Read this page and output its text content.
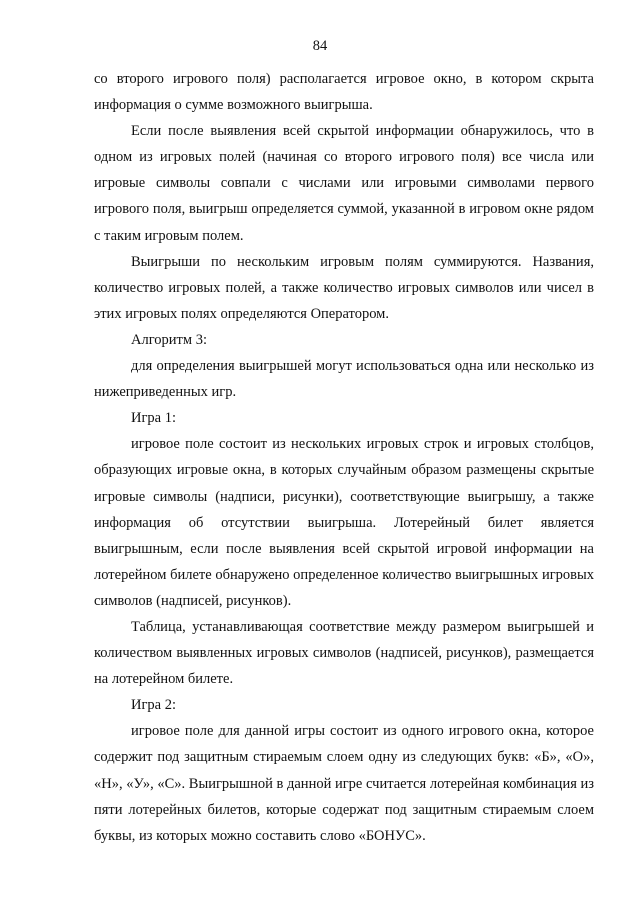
84

со второго игрового поля) располагается игровое окно, в котором скрыта информация о сумме возможного выигрыша.

Если после выявления всей скрытой информации обнаружилось, что в одном из игровых полей (начиная со второго игрового поля) все числа или игровые символы совпали с числами или игровыми символами первого игрового поля, выигрыш определяется суммой, указанной в игровом окне рядом с таким игровым полем.

Выигрыши по нескольким игровым полям суммируются. Названия, количество игровых полей, а также количество игровых символов или чисел в этих игровых полях определяются Оператором.

Алгоритм 3:

для определения выигрышей могут использоваться одна или несколько из нижеприведенных игр.

Игра 1:

игровое поле состоит из нескольких игровых строк и игровых столбцов, образующих игровые окна, в которых случайным образом размещены скрытые игровые символы (надписи, рисунки), соответствующие выигрышу, а также информация об отсутствии выигрыша. Лотерейный билет является выигрышным, если после выявления всей скрытой игровой информации на лотерейном билете обнаружено определенное количество выигрышных игровых символов (надписей, рисунков).

Таблица, устанавливающая соответствие между размером выигрышей и количеством выявленных игровых символов (надписей, рисунков), размещается на лотерейном билете.

Игра 2:

игровое поле для данной игры состоит из одного игрового окна, которое содержит под защитным стираемым слоем одну из следующих букв: «Б», «О», «Н», «У», «С». Выигрышной в данной игре считается лотерейная комбинация из пяти лотерейных билетов, которые содержат под защитным стираемым слоем буквы, из которых можно составить слово «БОНУС».
